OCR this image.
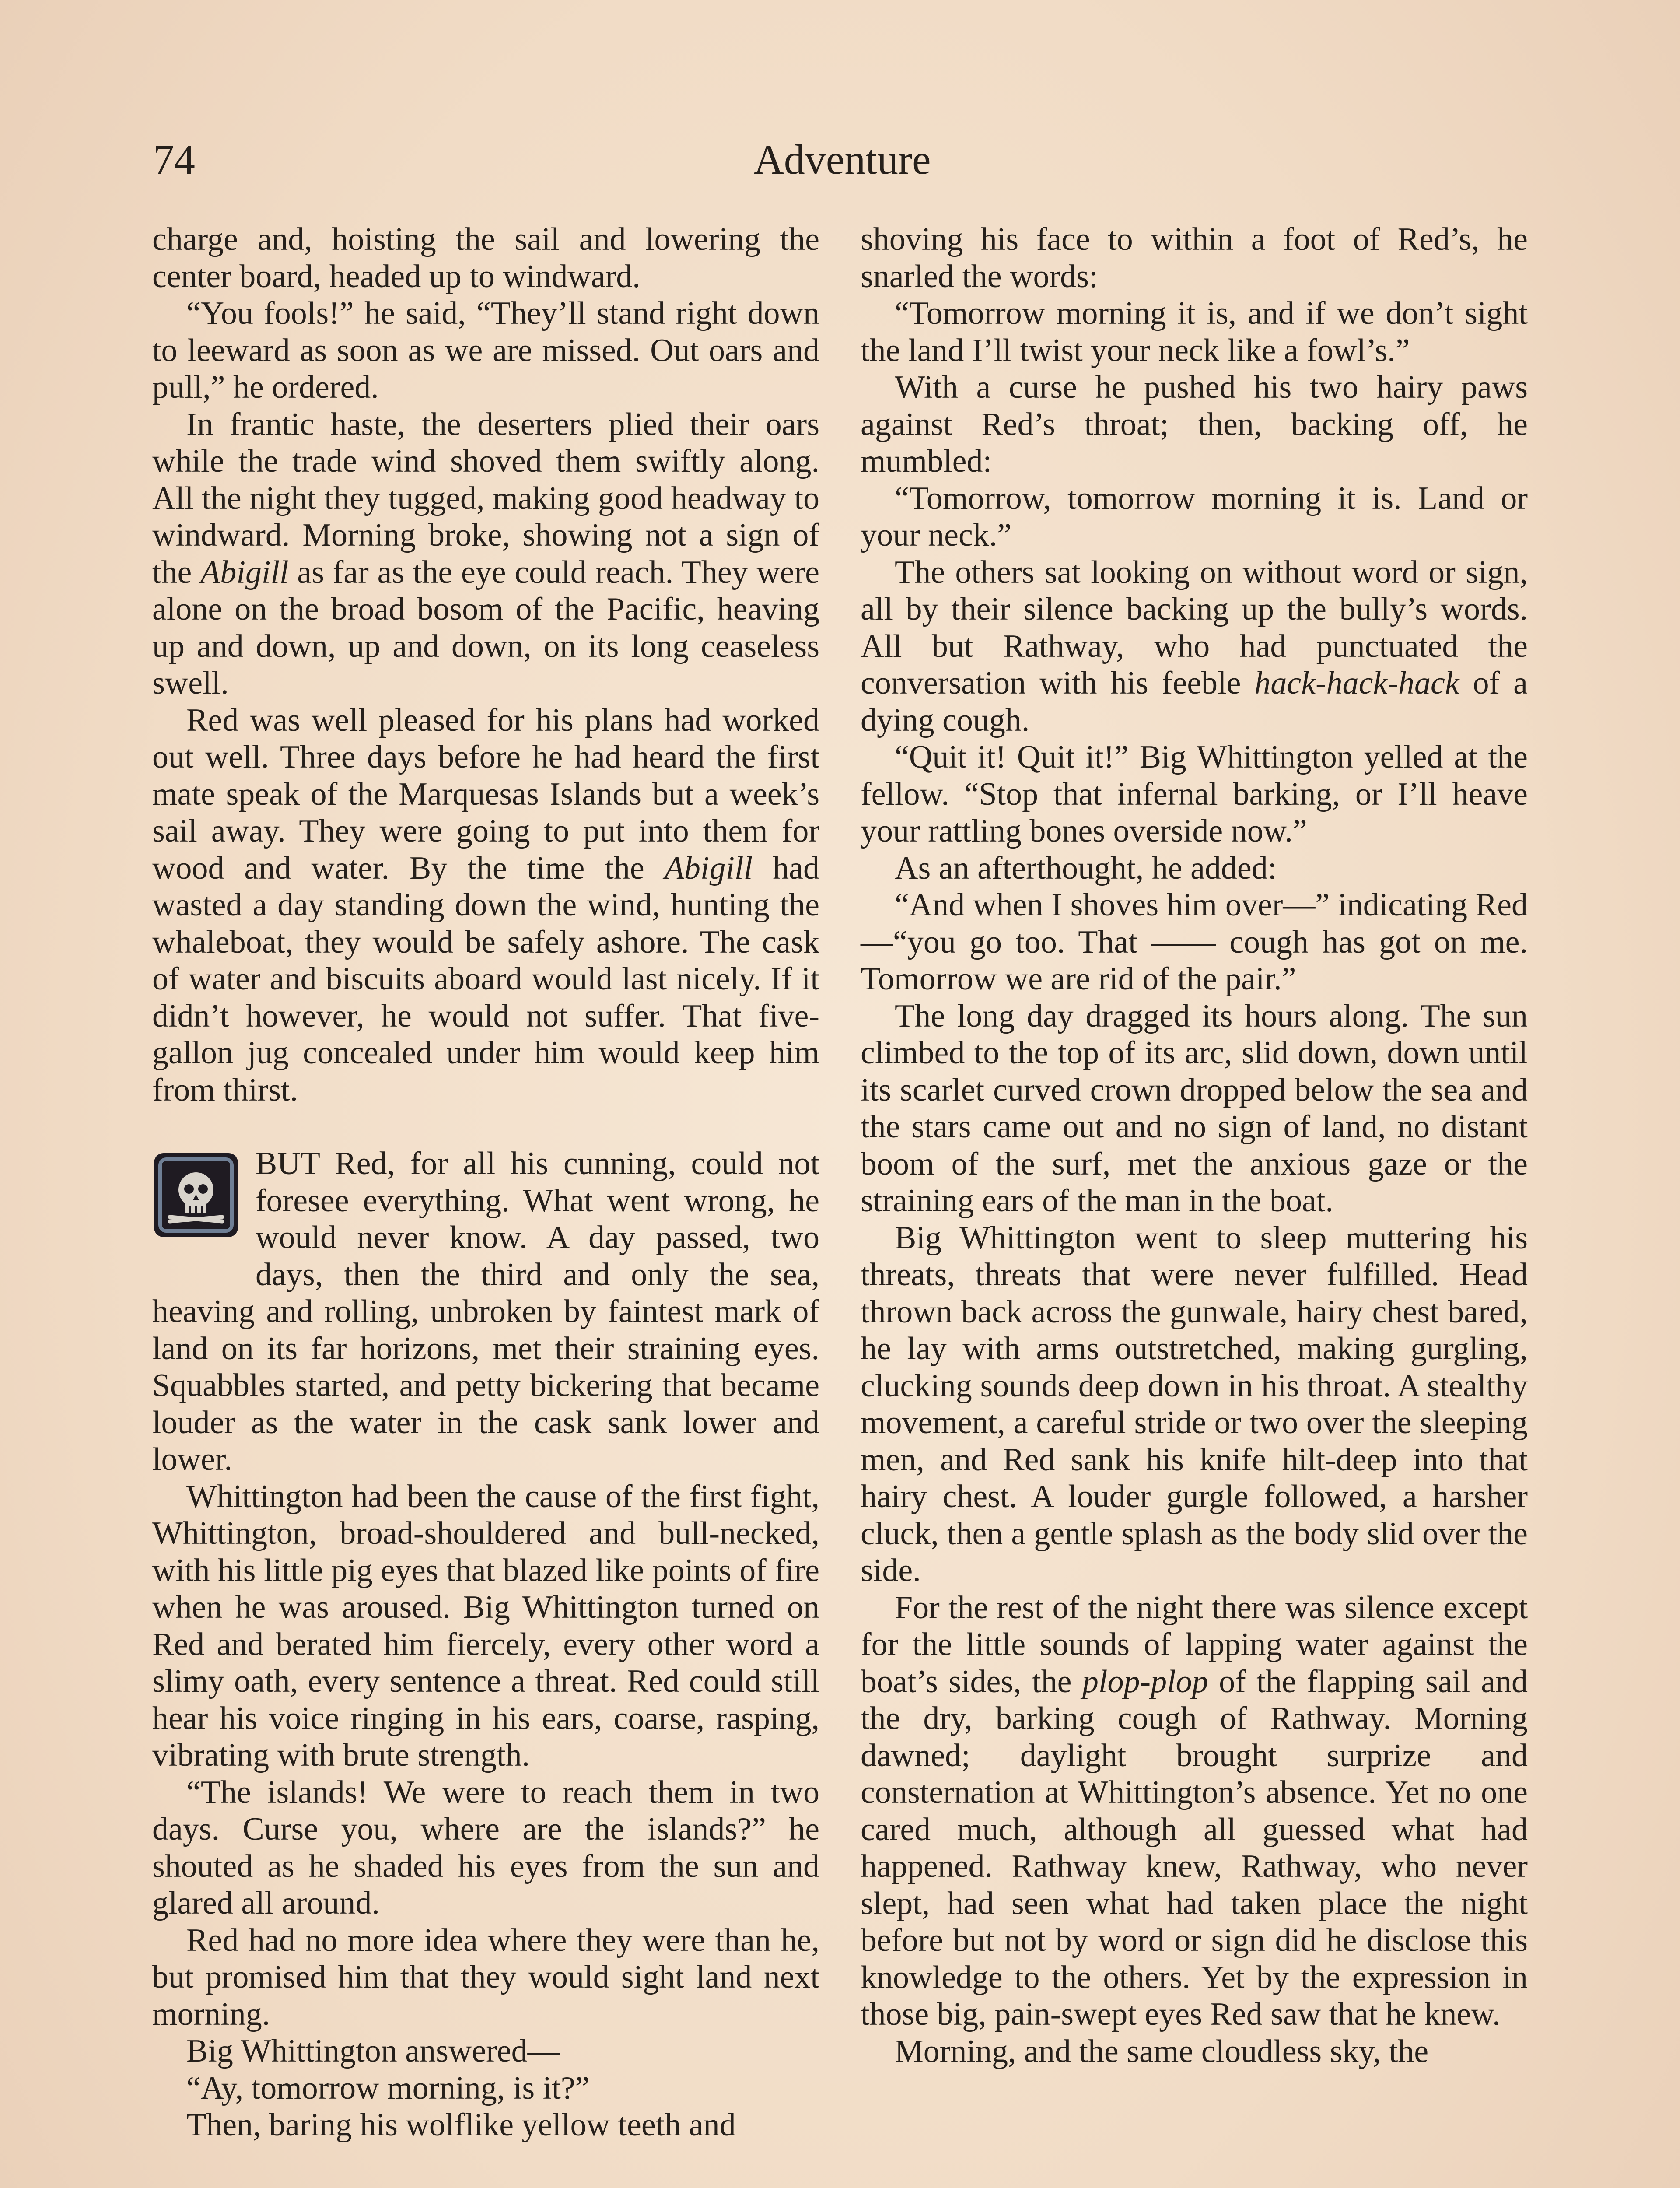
74	Adventure

charge and, hoisting the sail and lowering the center board, headed up to windward.

“You fools!” he said, “They’ll stand right down to leeward as soon as we are missed. Out oars and pull,” he ordered.

In frantic haste, the deserters plied their oars while the trade wind shoved them swiftly along. All the night they tugged, making good headway to windward. Morning broke, showing not a sign of the Abigill as far as the eye could reach. They were alone on the broad bosom of the Pacific, heaving up and down, up and down, on its long ceaseless swell.

Red was well pleased for his plans had worked out well. Three days before he had heard the first mate speak of the Marquesas Islands but a week’s sail away. They were going to put into them for wood and water. By the time the Abigill had wasted a day standing down the wind, hunting the whaleboat, they would be safely ashore. The cask of water and biscuits aboard would last nicely. If it didn’t however, he would not suffer. That five-gallon jug concealed under him would keep him from thirst.

BUT Red, for all his cunning, could not foresee everything. What went wrong, he would never know. A day passed, two days, then the third and only the sea, heaving and rolling, unbroken by faintest mark of land on its far horizons, met their straining eyes. Squabbles started, and petty bickering that became louder as the water in the cask sank lower and lower.

Whittington had been the cause of the first fight, Whittington, broad-shouldered and bull-necked, with his little pig eyes that blazed like points of fire when he was aroused. Big Whittington turned on Red and berated him fiercely, every other word a slimy oath, every sentence a threat. Red could still hear his voice ringing in his ears, coarse, rasping, vibrating with brute strength.

“The islands! We were to reach them in two days. Curse you, where are the islands?” he shouted as he shaded his eyes from the sun and glared all around.

Red had no more idea where they were than he, but promised him that they would sight land next morning.

Big Whittington answered—

“Ay, tomorrow morning, is it?”

Then, baring his wolflike yellow teeth and

shoving his face to within a foot of Red’s, he snarled the words:

“Tomorrow morning it is, and if we don’t sight the land I’ll twist your neck like a fowl’s.”

With a curse he pushed his two hairy paws against Red’s throat; then, backing off, he mumbled:

“Tomorrow, tomorrow morning it is. Land or your neck.”

The others sat looking on without word or sign, all by their silence backing up the bully’s words. All but Rathway, who had punctuated the conversation with his feeble hack-hack-hack of a dying cough.

“Quit it! Quit it!” Big Whittington yelled at the fellow. “Stop that infernal barking, or I’ll heave your rattling bones overside now.”

As an afterthought, he added:

“And when I shoves him over—” indicating Red—“you go too. That —— cough has got on me. Tomorrow we are rid of the pair.”

The long day dragged its hours along. The sun climbed to the top of its arc, slid down, down until its scarlet curved crown dropped below the sea and the stars came out and no sign of land, no distant boom of the surf, met the anxious gaze or the straining ears of the man in the boat.

Big Whittington went to sleep muttering his threats, threats that were never fulfilled. Head thrown back across the gunwale, hairy chest bared, he lay with arms outstretched, making gurgling, clucking sounds deep down in his throat. A stealthy movement, a careful stride or two over the sleeping men, and Red sank his knife hilt-deep into that hairy chest. A louder gurgle followed, a harsher cluck, then a gentle splash as the body slid over the side.

For the rest of the night there was silence except for the little sounds of lapping water against the boat’s sides, the plop-plop of the flapping sail and the dry, barking cough of Rathway. Morning dawned; daylight brought surprize and consternation at Whittington’s absence. Yet no one cared much, although all guessed what had happened. Rathway knew, Rathway, who never slept, had seen what had taken place the night before but not by word or sign did he disclose this knowledge to the others. Yet by the expression in those big, pain-swept eyes Red saw that he knew.

Morning, and the same cloudless sky, the
